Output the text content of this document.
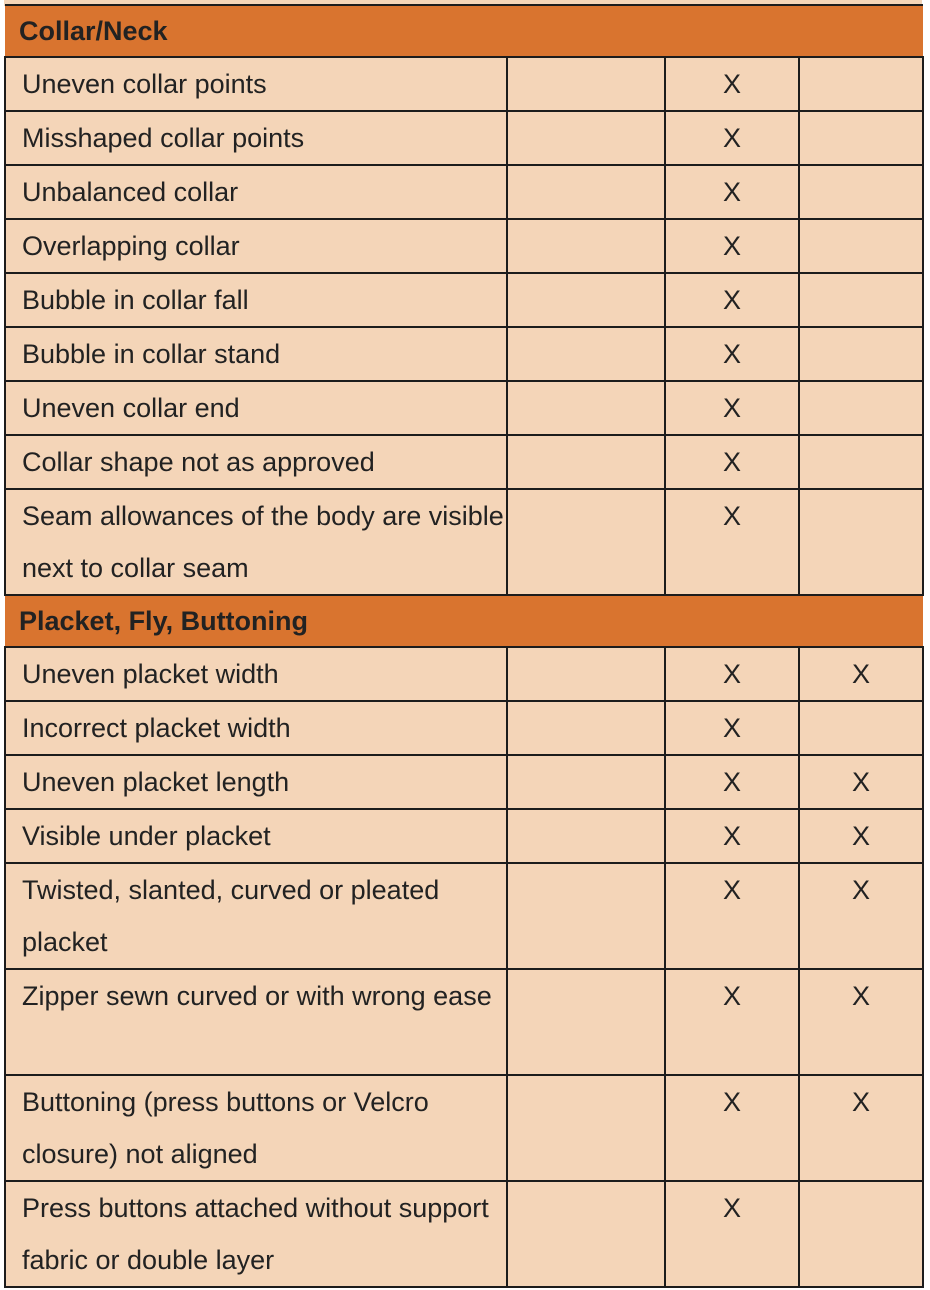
Collar/Neck			
Uneven collar points		X	
Misshaped collar points		X	
Unbalanced collar		X	
Overlapping collar		X	
Bubble in collar fall		X	
Bubble in collar stand		X	
Uneven collar end		X	
Collar shape not as approved		X	
Seam allowances of the body are visible next to collar seam		X	
Placket, Fly, Buttoning			
Uneven placket width		X	X
Incorrect placket width		X	
Uneven placket length		X	X
Visible under placket		X	X
Twisted, slanted, curved or pleated placket		X	X
Zipper sewn curved or with wrong ease		X	X
Buttoning (press buttons or Velcro closure) not aligned		X	X
Press buttons attached without support fabric or double layer		X	
